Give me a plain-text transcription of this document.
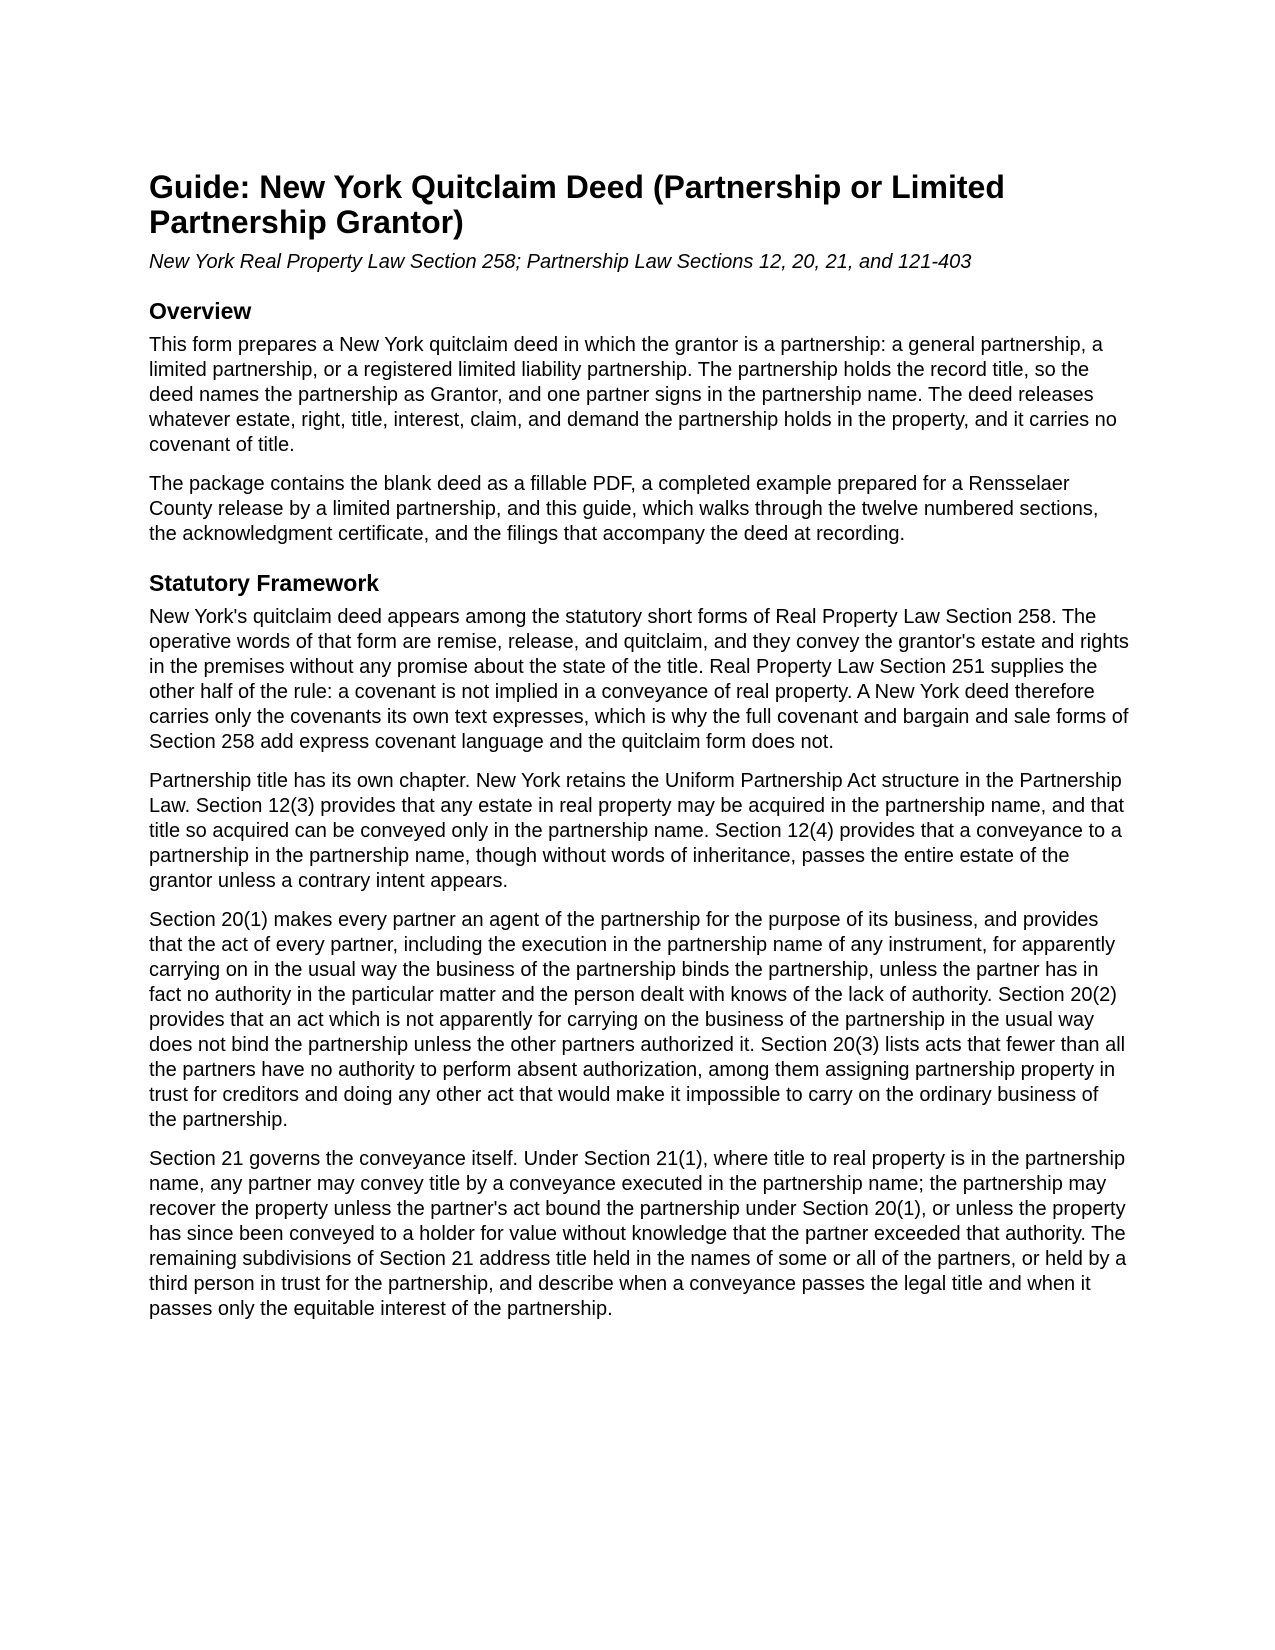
Guide: New York Quitclaim Deed (Partnership or Limited Partnership Grantor)
New York Real Property Law Section 258; Partnership Law Sections 12, 20, 21, and 121-403
Overview

This form prepares a New York quitclaim deed in which the grantor is a partnership: a general partnership, a limited partnership, or a registered limited liability partnership. The partnership holds the record title, so the deed names the partnership as Grantor, and one partner signs in the partnership name. The deed releases whatever estate, right, title, interest, claim, and demand the partnership holds in the property, and it carries no covenant of title.

The package contains the blank deed as a fillable PDF, a completed example prepared for a Rensselaer County release by a limited partnership, and this guide, which walks through the twelve numbered sections, the acknowledgment certificate, and the filings that accompany the deed at recording.

Statutory Framework

New York's quitclaim deed appears among the statutory short forms of Real Property Law Section 258. The operative words of that form are remise, release, and quitclaim, and they convey the grantor's estate and rights in the premises without any promise about the state of the title. Real Property Law Section 251 supplies the other half of the rule: a covenant is not implied in a conveyance of real property. A New York deed therefore carries only the covenants its own text expresses, which is why the full covenant and bargain and sale forms of Section 258 add express covenant language and the quitclaim form does not.

Partnership title has its own chapter. New York retains the Uniform Partnership Act structure in the Partnership Law. Section 12(3) provides that any estate in real property may be acquired in the partnership name, and that title so acquired can be conveyed only in the partnership name. Section 12(4) provides that a conveyance to a partnership in the partnership name, though without words of inheritance, passes the entire estate of the grantor unless a contrary intent appears.

Section 20(1) makes every partner an agent of the partnership for the purpose of its business, and provides that the act of every partner, including the execution in the partnership name of any instrument, for apparently carrying on in the usual way the business of the partnership binds the partnership, unless the partner has in fact no authority in the particular matter and the person dealt with knows of the lack of authority. Section 20(2) provides that an act which is not apparently for carrying on the business of the partnership in the usual way does not bind the partnership unless the other partners authorized it. Section 20(3) lists acts that fewer than all the partners have no authority to perform absent authorization, among them assigning partnership property in trust for creditors and doing any other act that would make it impossible to carry on the ordinary business of the partnership.

Section 21 governs the conveyance itself. Under Section 21(1), where title to real property is in the partnership name, any partner may convey title by a conveyance executed in the partnership name; the partnership may recover the property unless the partner's act bound the partnership under Section 20(1), or unless the property has since been conveyed to a holder for value without knowledge that the partner exceeded that authority. The remaining subdivisions of Section 21 address title held in the names of some or all of the partners, or held by a third person in trust for the partnership, and describe when a conveyance passes the legal title and when it passes only the equitable interest of the partnership.
